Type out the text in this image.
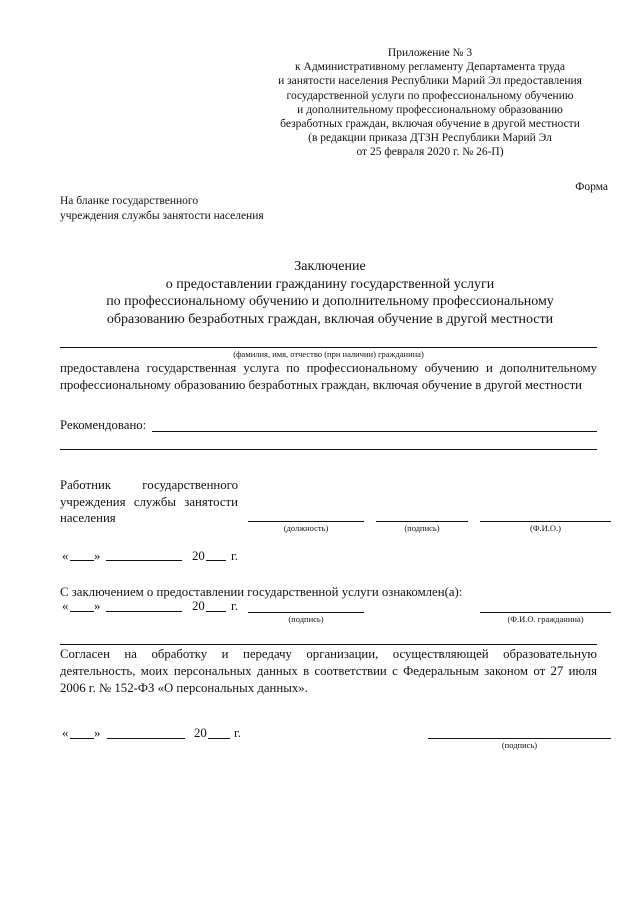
Приложение № 3
к Административному регламенту Департамента труда
и занятости населения Республики Марий Эл предоставления
государственной услуги по профессиональному обучению
и дополнительному профессиональному образованию
безработных граждан, включая обучение в другой местности
(в редакции приказа ДТЗН Республики Марий Эл
от 25 февраля 2020 г. № 26-П)
Форма
На бланке государственного
учреждения службы занятости населения
Заключение
о предоставлении гражданину государственной услуги
по профессиональному обучению и дополнительному профессиональному
образованию безработных граждан, включая обучение в другой местности
(фамилия, имя, отчество (при наличии) гражданина)
предоставлена государственная услуга по профессиональному обучению и дополнительному
профессиональному образованию безработных граждан, включая обучение в другой местности
Рекомендовано:
Работник государственного
учреждения службы занятости
населения
(должность)	(подпись)	(Ф.И.О.)
« »	20 г.
С заключением о предоставлении государственной услуги ознакомлен(а):
« »	20 г.
(подпись)	(Ф.И.О. гражданина)
Согласен на обработку и передачу организации, осуществляющей образовательную
деятельность, моих персональных данных в соответствии с Федеральным законом от 27 июля
2006 г. № 152-ФЗ «О персональных данных».
« »	20 г.
(подпись)
